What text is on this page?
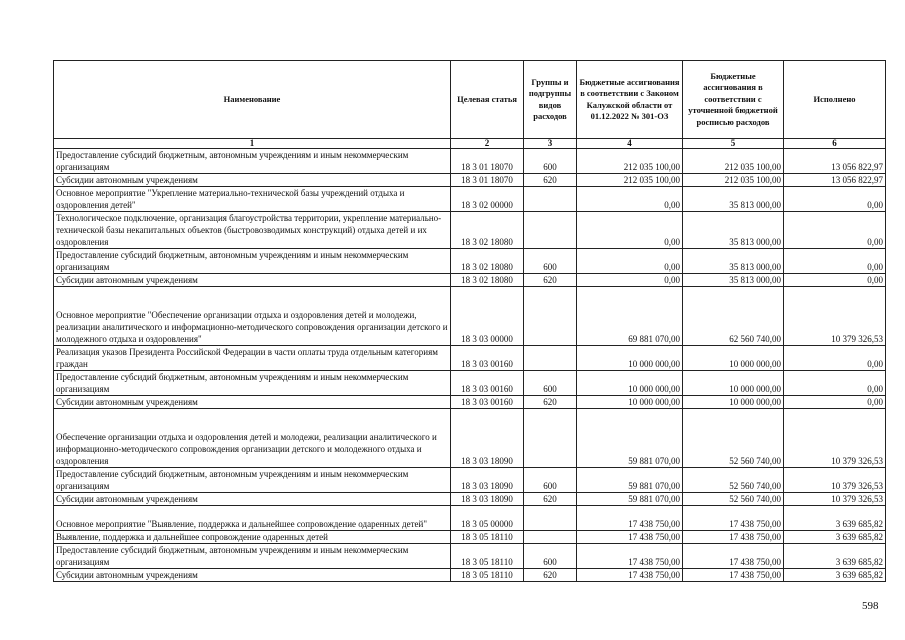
Наименование	Целевая статья	Группы и подгруппы видов расходов	Бюджетные ассигнования в соответствии с Законом Калужской области от 01.12.2022 № 301-ОЗ	Бюджетные ассигнования в соответствии с уточненной бюджетной росписью расходов	Исполнено
1	2	3	4	5	6
Предоставление субсидий бюджетным, автономным учреждениям и иным некоммерческим организациям	18 3 01 18070	600	212 035 100,00	212 035 100,00	13 056 822,97
Субсидии автономным учреждениям	18 3 01 18070	620	212 035 100,00	212 035 100,00	13 056 822,97
Основное мероприятие "Укрепление материально-технической базы учреждений отдыха и оздоровления детей"	18 3 02 00000		0,00	35 813 000,00	0,00
Технологическое подключение, организация благоустройства территории, укрепление материально-технической базы некапитальных объектов (быстровозводимых конструкций) отдыха детей и их оздоровления	18 3 02 18080		0,00	35 813 000,00	0,00
Предоставление субсидий бюджетным, автономным учреждениям и иным некоммерческим организациям	18 3 02 18080	600	0,00	35 813 000,00	0,00
Субсидии автономным учреждениям	18 3 02 18080	620	0,00	35 813 000,00	0,00
Основное мероприятие "Обеспечение организации отдыха и оздоровления детей и молодежи, реализации аналитического и информационно-методического сопровождения организации детского и молодежного отдыха и оздоровления"	18 3 03 00000		69 881 070,00	62 560 740,00	10 379 326,53
Реализация указов Президента Российской Федерации в части оплаты труда отдельным категориям граждан	18 3 03 00160		10 000 000,00	10 000 000,00	0,00
Предоставление субсидий бюджетным, автономным учреждениям и иным некоммерческим организациям	18 3 03 00160	600	10 000 000,00	10 000 000,00	0,00
Субсидии автономным учреждениям	18 3 03 00160	620	10 000 000,00	10 000 000,00	0,00
Обеспечение организации отдыха и оздоровления детей и молодежи, реализации аналитического и информационно-методического сопровождения организации детского и молодежного отдыха и оздоровления	18 3 03 18090		59 881 070,00	52 560 740,00	10 379 326,53
Предоставление субсидий бюджетным, автономным учреждениям и иным некоммерческим организациям	18 3 03 18090	600	59 881 070,00	52 560 740,00	10 379 326,53
Субсидии автономным учреждениям	18 3 03 18090	620	59 881 070,00	52 560 740,00	10 379 326,53
Основное мероприятие "Выявление, поддержка и дальнейшее сопровождение одаренных детей"	18 3 05 00000		17 438 750,00	17 438 750,00	3 639 685,82
Выявление, поддержка и дальнейшее сопровождение одаренных детей	18 3 05 18110		17 438 750,00	17 438 750,00	3 639 685,82
Предоставление субсидий бюджетным, автономным учреждениям и иным некоммерческим организациям	18 3 05 18110	600	17 438 750,00	17 438 750,00	3 639 685,82
Субсидии автономным учреждениям	18 3 05 18110	620	17 438 750,00	17 438 750,00	3 639 685,82
598
